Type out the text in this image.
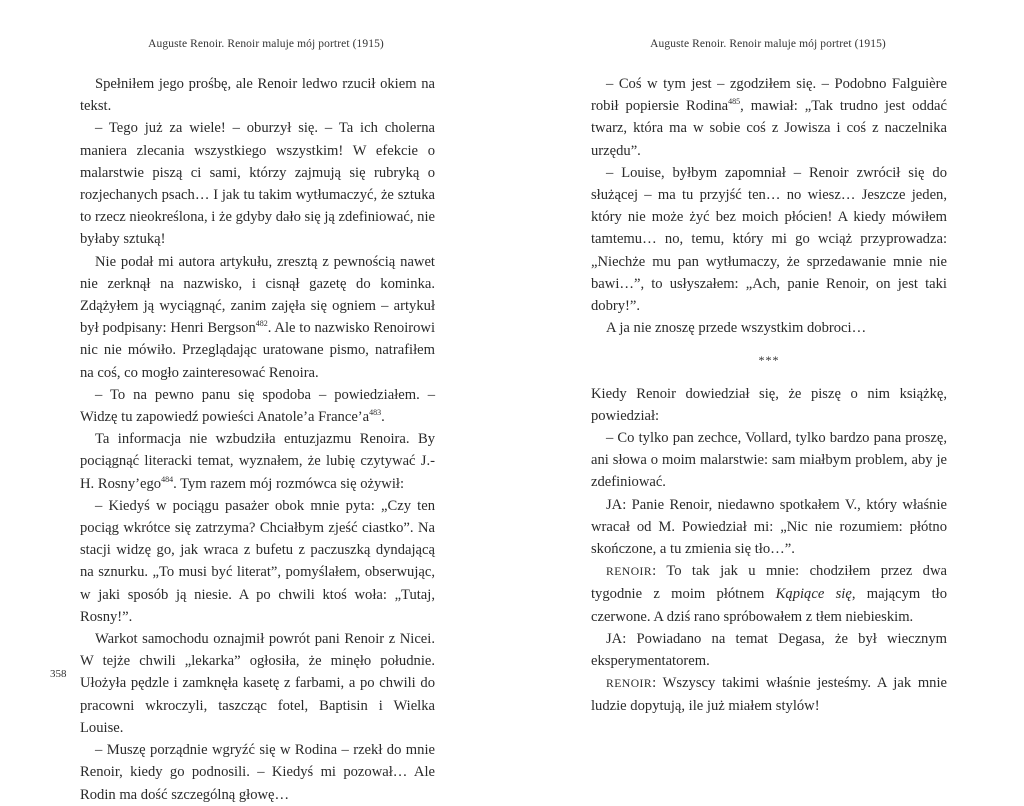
Auguste Renoir. Renoir maluje mój portret (1915)

Spełniłem jego prośbę, ale Renoir ledwo rzucił okiem na tekst.

– Tego już za wiele! – oburzył się. – Ta ich cholerna maniera zlecania wszystkiego wszystkim! W efekcie o malarstwie piszą ci sami, którzy zajmują się rubryką o rozjechanych psach… I jak tu takim wytłumaczyć, że sztuka to rzecz nieokreślona, i że gdyby dało się ją zdefiniować, nie byłaby sztuką!

Nie podał mi autora artykułu, zresztą z pewnością nawet nie zerknął na nazwisko, i cisnął gazetę do kominka. Zdążyłem ją wyciągnąć, zanim zajęła się ogniem – artykuł był podpisany: Henri Bergson$^{482}$. Ale to nazwisko Renoirowi nic nie mówiło. Przeglądając uratowane pismo, natrafiłem na coś, co mogło zainteresować Renoira.

– To na pewno panu się spodoba – powiedziałem. – Widzę tu zapowiedź powieści Anatole’a $France’a^{483}$.

Ta informacja nie wzbudziła entuzjazmu Renoira. By pociągnąć literacki temat, wyznałem, że lubię czytywać J.-H. Rosny’ego$^{484}$. Tym razem mój rozmówca się ożywił:

– Kiedyś w pociągu pasażer obok mnie pyta: „Czy ten pociąg wkrótce się zatrzyma? Chciałbym zjeść ciastko”. Na stacji widzę go, jak wraca z bufetu z paczuszką dyndającą na sznurku. „To musi być literat”, pomyślałem, obserwując, w jaki sposób ją niesie. A po chwili ktoś woła: „Tutaj, Rosny!”.

Warkot samochodu oznajmił powrót pani Renoir z Nicei. W tejże chwili „lekarka” ogłosiła, że minęło południe. Ułożyła pędzle i zamknęła kasetę z farbami, a po chwili do pracowni wkroczyli, taszcząc fotel, Baptisin i Wielka Louise.

– Muszę porządnie wgryźć się w Rodina – rzekł do mnie Renoir, kiedy go podnosili. – Kiedyś mi pozował… Ale Rodin ma dość szczególną głowę…

358
Auguste Renoir. Renoir maluje mój portret (1915)

– Coś w tym jest – zgodziłem się. – Podobno Falguière robił popiersie Rodina$^{485}$, mawiał: „Tak trudno jest oddać twarz, która ma w sobie coś z Jowisza i coś z naczelnika urzędu”.

– Louise, byłbym zapomniał – Renoir zwrócił się do służącej – ma tu przyjść ten… no wiesz… Jeszcze jeden, który nie może żyć bez moich płócien! A kiedy mówiłem tamtemu… no, temu, który mi go wciąż przyprowadza: „Niechże mu pan wytłumaczy, że sprzedawanie mnie nie bawi…”, to usłyszałem: „Ach, panie Renoir, on jest taki dobry!”.

A ja nie znoszę przede wszystkim dobroci…

***

Kiedy Renoir dowiedział się, że piszę o nim książkę, powiedział:

– Co tylko pan zechce, Vollard, tylko bardzo pana proszę, ani słowa o moim malarstwie: sam miałbym problem, aby je zdefiniować.

JA: Panie Renoir, niedawno spotkałem V., który właśnie wracał od M. Powiedział mi: „Nic nie rozumiem: płótno skończone, a tu zmienia się tło…”.

RENOIR: To tak jak u mnie: chodziłem przez dwa tygodnie z moim płótnem Kąpiące się, mającym tło czerwone. A dziś rano spróbowałem z tłem niebieskim.

JA: Powiadano na temat Degasa, że był wiecznym eksperymentatorem.

RENOIR: Wszyscy takimi właśnie jesteśmy. A jak mnie ludzie dopytują, ile już miałem stylów!
